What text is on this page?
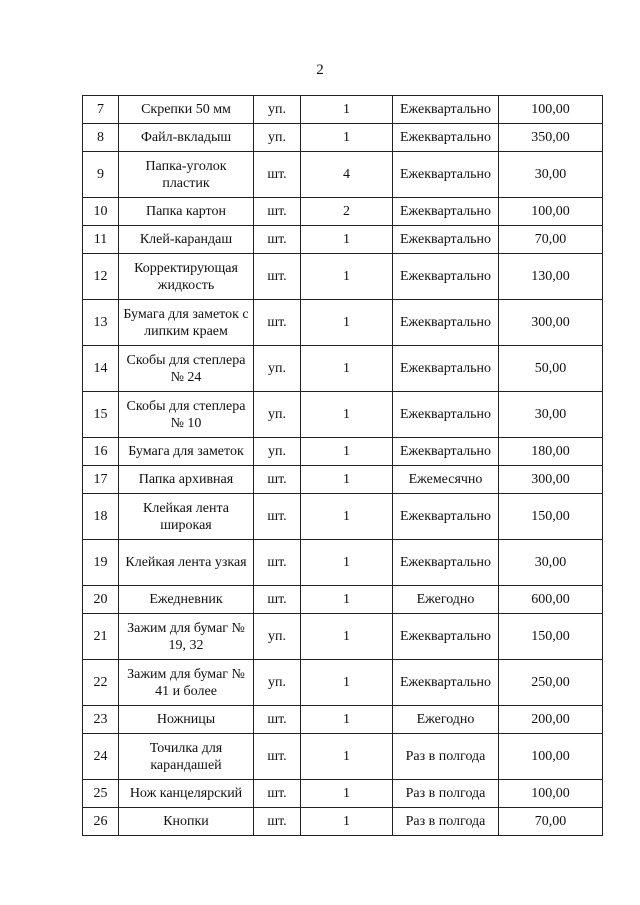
2
7	Скрепки 50 мм	уп.	1	Ежеквартально	100,00
8	Файл-вкладыш	уп.	1	Ежеквартально	350,00
9	Папка-уголок пластик	шт.	4	Ежеквартально	30,00
10	Папка картон	шт.	2	Ежеквартально	100,00
11	Клей-карандаш	шт.	1	Ежеквартально	70,00
12	Корректирующая жидкость	шт.	1	Ежеквартально	130,00
13	Бумага для заметок с липким краем	шт.	1	Ежеквартально	300,00
14	Скобы для степлера № 24	уп.	1	Ежеквартально	50,00
15	Скобы для степлера № 10	уп.	1	Ежеквартально	30,00
16	Бумага для заметок	уп.	1	Ежеквартально	180,00
17	Папка архивная	шт.	1	Ежемесячно	300,00
18	Клейкая лента широкая	шт.	1	Ежеквартально	150,00
19	Клейкая лента узкая	шт.	1	Ежеквартально	30,00
20	Ежедневник	шт.	1	Ежегодно	600,00
21	Зажим для бумаг № 19, 32	уп.	1	Ежеквартально	150,00
22	Зажим для бумаг № 41 и более	уп.	1	Ежеквартально	250,00
23	Ножницы	шт.	1	Ежегодно	200,00
24	Точилка для карандашей	шт.	1	Раз в полгода	100,00
25	Нож канцелярский	шт.	1	Раз в полгода	100,00
26	Кнопки	шт.	1	Раз в полгода	70,00
